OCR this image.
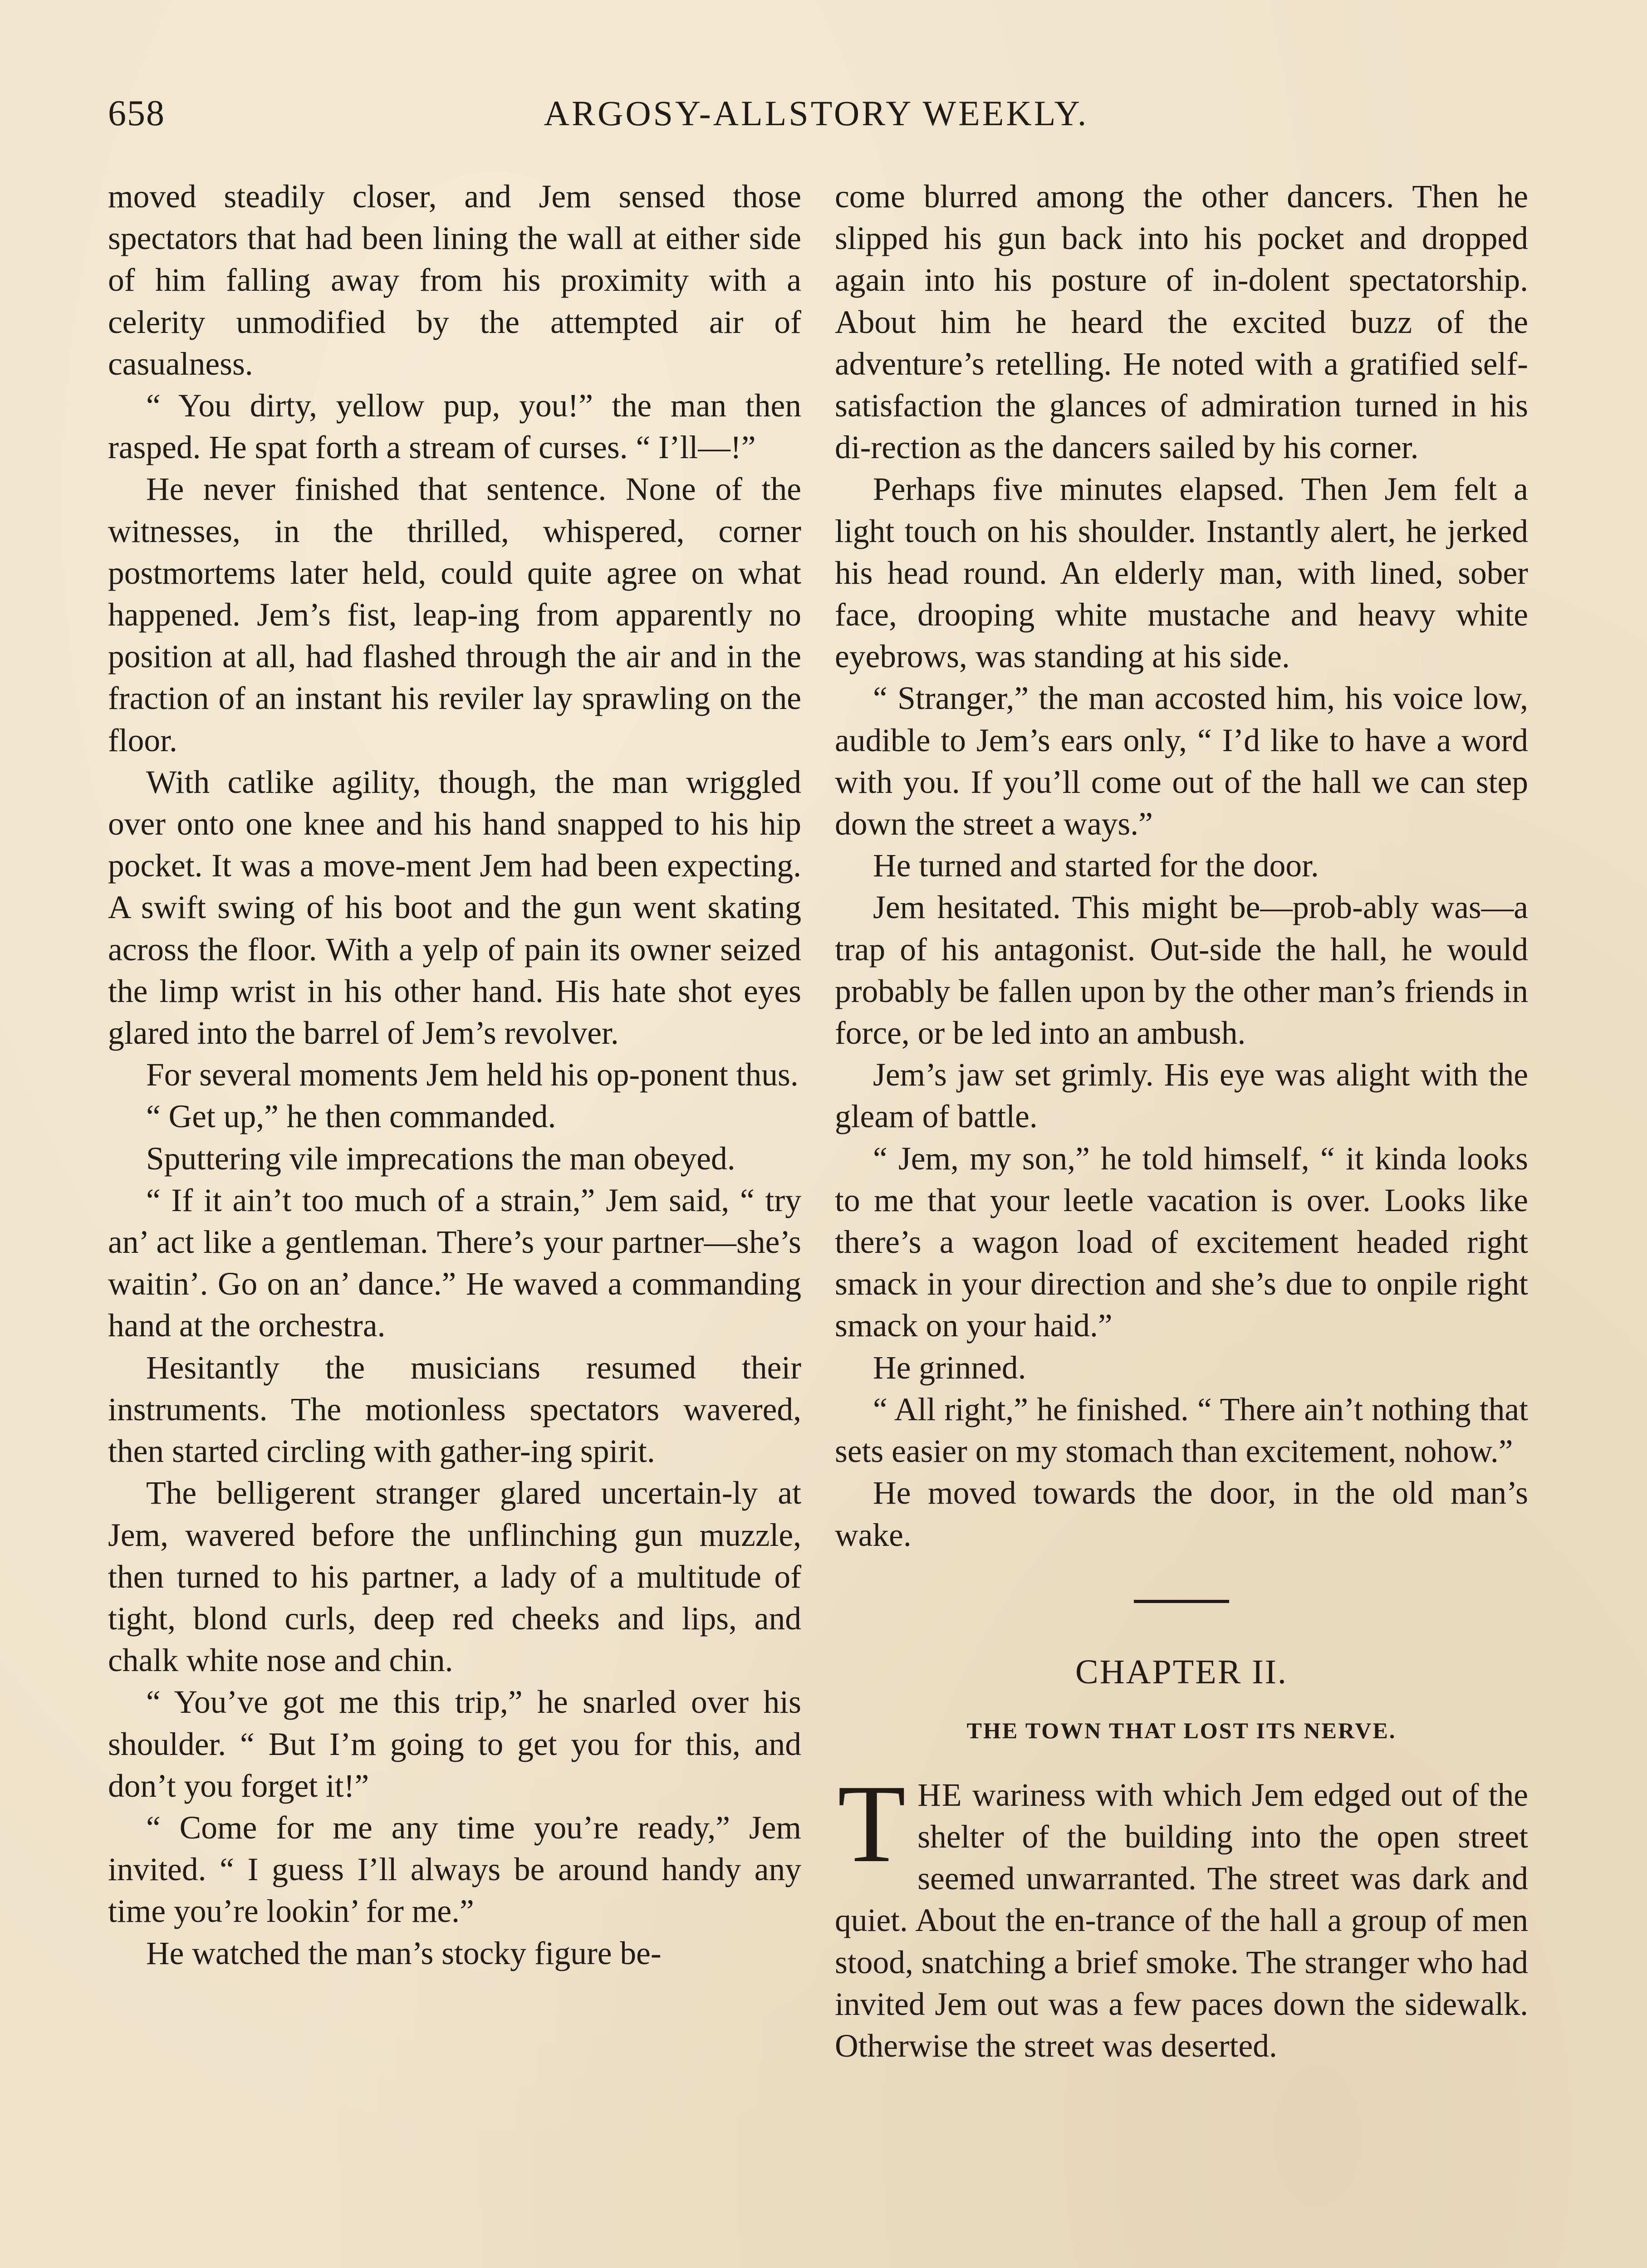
658	ARGOSY-ALLSTORY WEEKLY.

moved steadily closer, and Jem sensed those spectators that had been lining the wall at either side of him falling away from his proximity with a celerity unmodified by the attempted air of casualness.

“ You dirty, yellow pup, you!” the man then rasped. He spat forth a stream of curses. “ I’ll—!”

He never finished that sentence. None of the witnesses, in the thrilled, whispered, corner postmortems later held, could quite agree on what happened. Jem’s fist, leap-ing from apparently no position at all, had flashed through the air and in the fraction of an instant his reviler lay sprawling on the floor.

With catlike agility, though, the man wriggled over onto one knee and his hand snapped to his hip pocket. It was a move-ment Jem had been expecting. A swift swing of his boot and the gun went skating across the floor. With a yelp of pain its owner seized the limp wrist in his other hand. His hate shot eyes glared into the barrel of Jem’s revolver.

For several moments Jem held his op-ponent thus.

“ Get up,” he then commanded.

Sputtering vile imprecations the man obeyed.

“ If it ain’t too much of a strain,” Jem said, “ try an’ act like a gentleman. There’s your partner—she’s waitin’. Go on an’ dance.” He waved a commanding hand at the orchestra.

Hesitantly the musicians resumed their instruments. The motionless spectators wavered, then started circling with gather-ing spirit.

The belligerent stranger glared uncertain-ly at Jem, wavered before the unflinching gun muzzle, then turned to his partner, a lady of a multitude of tight, blond curls, deep red cheeks and lips, and chalk white nose and chin.

“ You’ve got me this trip,” he snarled over his shoulder. “ But I’m going to get you for this, and don’t you forget it!”

“ Come for me any time you’re ready,” Jem invited. “ I guess I’ll always be around handy any time you’re lookin’ for me.”

He watched the man’s stocky figure be-

come blurred among the other dancers. Then he slipped his gun back into his pocket and dropped again into his posture of in-dolent spectatorship. About him he heard the excited buzz of the adventure’s retelling. He noted with a gratified self-satisfaction the glances of admiration turned in his di-rection as the dancers sailed by his corner.

Perhaps five minutes elapsed. Then Jem felt a light touch on his shoulder. Instantly alert, he jerked his head round. An elderly man, with lined, sober face, drooping white mustache and heavy white eyebrows, was standing at his side.

“ Stranger,” the man accosted him, his voice low, audible to Jem’s ears only, “ I’d like to have a word with you. If you’ll come out of the hall we can step down the street a ways.”

He turned and started for the door.

Jem hesitated. This might be—prob-ably was—a trap of his antagonist. Out-side the hall, he would probably be fallen upon by the other man’s friends in force, or be led into an ambush.

Jem’s jaw set grimly. His eye was alight with the gleam of battle.

“ Jem, my son,” he told himself, “ it kinda looks to me that your leetle vacation is over. Looks like there’s a wagon load of excitement headed right smack in your direction and she’s due to onpile right smack on your haid.”

He grinned.

“ All right,” he finished. “ There ain’t nothing that sets easier on my stomach than excitement, nohow.”

He moved towards the door, in the old man’s wake.

CHAPTER II.
THE TOWN THAT LOST ITS NERVE.

THE wariness with which Jem edged out of the shelter of the building into the open street seemed unwarranted. The street was dark and quiet. About the en-trance of the hall a group of men stood, snatching a brief smoke. The stranger who had invited Jem out was a few paces down the sidewalk. Otherwise the street was deserted.
